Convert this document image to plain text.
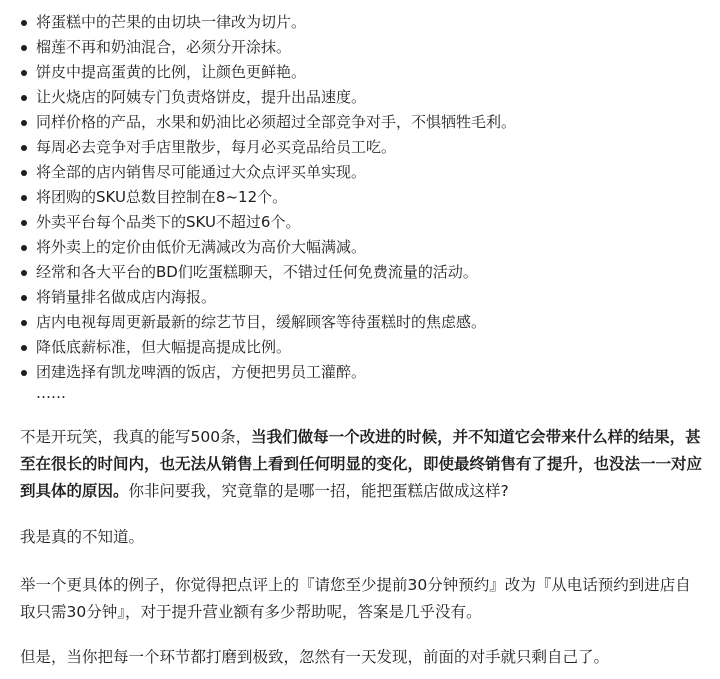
将蛋糕中的芒果的由切块一律改为切片。
榴莲不再和奶油混合，必须分开涂抹。
饼皮中提高蛋黄的比例，让颜色更鲜艳。
让火烧店的阿姨专门负责烙饼皮，提升出品速度。
同样价格的产品，水果和奶油比必须超过全部竞争对手，不惧牺牲毛利。
每周必去竞争对手店里散步，每月必买竞品给员工吃。
将全部的店内销售尽可能通过大众点评买单实现。
将团购的SKU总数目控制在8~12个。
外卖平台每个品类下的SKU不超过6个。
将外卖上的定价由低价无满减改为高价大幅满减。
经常和各大平台的BD们吃蛋糕聊天，不错过任何免费流量的活动。
将销量排名做成店内海报。
店内电视每周更新最新的综艺节目，缓解顾客等待蛋糕时的焦虑感。
降低底薪标准，但大幅提高提成比例。
团建选择有凯龙啤酒的饭店，方便把男员工灌醉。
……

不是开玩笑，我真的能写500条，当我们做每一个改进的时候，并不知道它会带来什么样的结果，甚至在很长的时间内，也无法从销售上看到任何明显的变化，即使最终销售有了提升，也没法一一对应到具体的原因。你非问要我，究竟靠的是哪一招，能把蛋糕店做成这样?

我是真的不知道。

举一个更具体的例子，你觉得把点评上的『请您至少提前30分钟预约』改为『从电话预约到进店自取只需30分钟』，对于提升营业额有多少帮助呢，答案是几乎没有。

但是，当你把每一个环节都打磨到极致，忽然有一天发现，前面的对手就只剩自己了。
